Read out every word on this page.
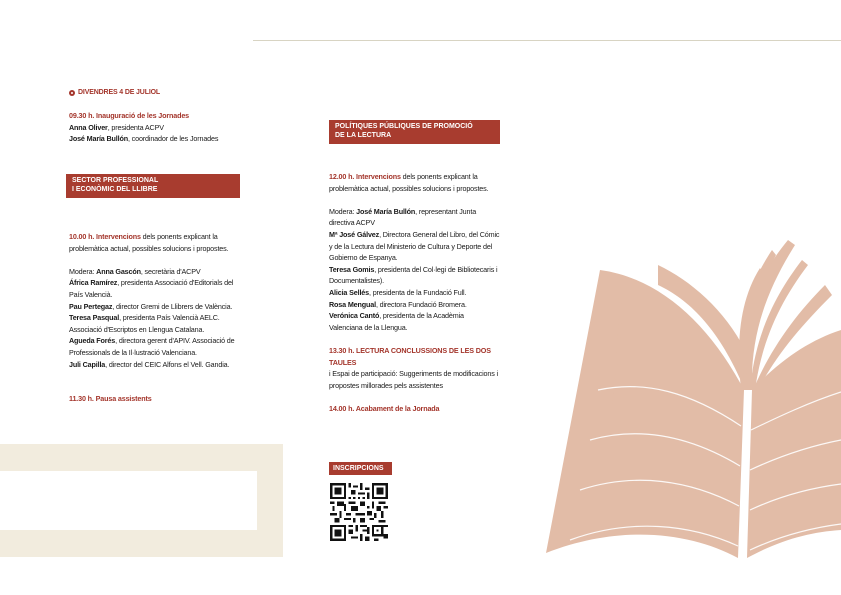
DIVENDRES 4 DE JULIOL

09.30 h. Inauguració de les Jornades

Anna Oliver, presidenta ACPV

José María Bullón, coordinador de les Jornades

SECTOR PROFESSIONAL
I ECONÒMIC DEL LLIBRE

10.00 h. Intervencions dels ponents explicant la

problemàtica actual, possibles solucions i propostes.

Modera: Anna Gascón, secretària d'ACPV

África Ramírez, presidenta Associació d'Editorials del

País Valencià.

Pau Pertegaz, director Gremi de Llibrers de València.

Teresa Pasqual, presidenta País Valencià AELC.

Associació d'Escriptos en Llengua Catalana.

Agueda Forés, directora gerent d'APIV. Associació de

Professionals de la Il·lustració Valenciana.

Juli Capilla, director del CEIC Alfons el Vell. Gandia.

11.30 h. Pausa assistents

POLÍTIQUES PÚBLIQUES DE PROMOCIÓ
DE LA LECTURA

12.00 h. Intervencions dels ponents explicant la

problemàtica actual, possibles solucions i propostes.

Modera: José María Bullón, representant Junta

directiva ACPV

Mª José Gálvez, Directora General del Libro, del Cómic

y de la Lectura del Ministerio de Cultura y Deporte del

Gobierno de Espanya.

Teresa Gomis, presidenta del Col·legi de Bibliotecaris i

Documentalistes).

Alicia Sellés, presidenta de la Fundació Full.

Rosa Mengual, directora Fundació Bromera.

Verónica Cantó, presidenta de la Acadèmia

Valenciana de la Llengua.

13.30 h. LECTURA CONCLUSSIONS DE LES DOS TAULES

i Espai de participació: Suggeriments de modificacions i

propostes millorades pels assistentes

14.00 h. Acabament de la Jornada

INSCRIPCIONS
